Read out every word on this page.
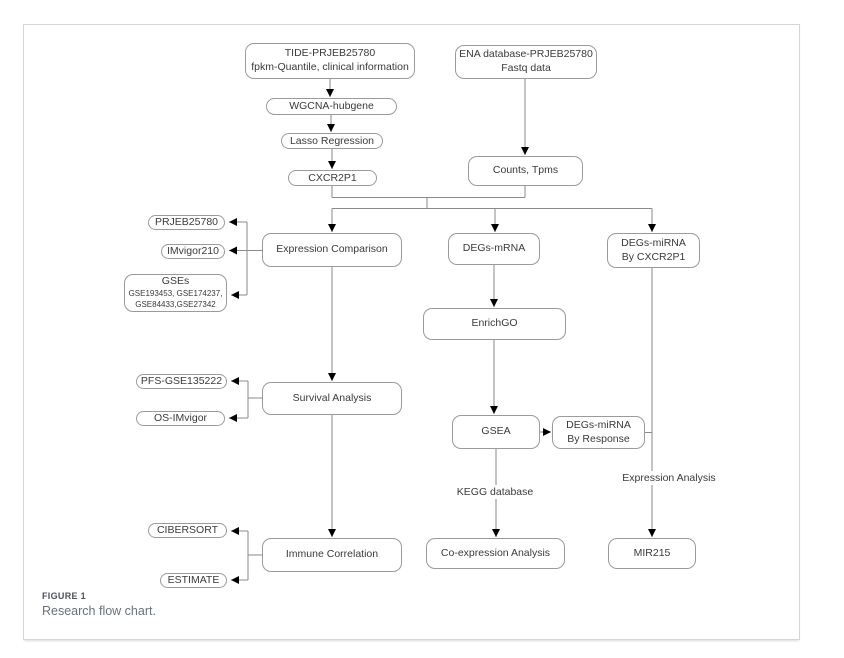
TIDE-PRJEB25780
fpkm-Quantile, clinical information
ENA database-PRJEB25780
Fastq data
WGCNA-hubgene
Lasso Regression
CXCR2P1
Counts, Tpms
PRJEB25780
IMvigor210
GSEs
GSE193453, GSE174237,
GSE84433,GSE27342
Expression Comparison	DEGs-mRNA	DEGs-miRNA
By CXCR2P1
EnrichGO
PFS-GSE135222
OS-IMvigor
Survival Analysis
GSEA
DEGs-miRNA
By Response
CIBERSORT
ESTIMATE
Immune Correlation	Co-expression Analysis	MIR215
KEGG database
Expression Analysis
FIGURE 1
Research flow chart.
